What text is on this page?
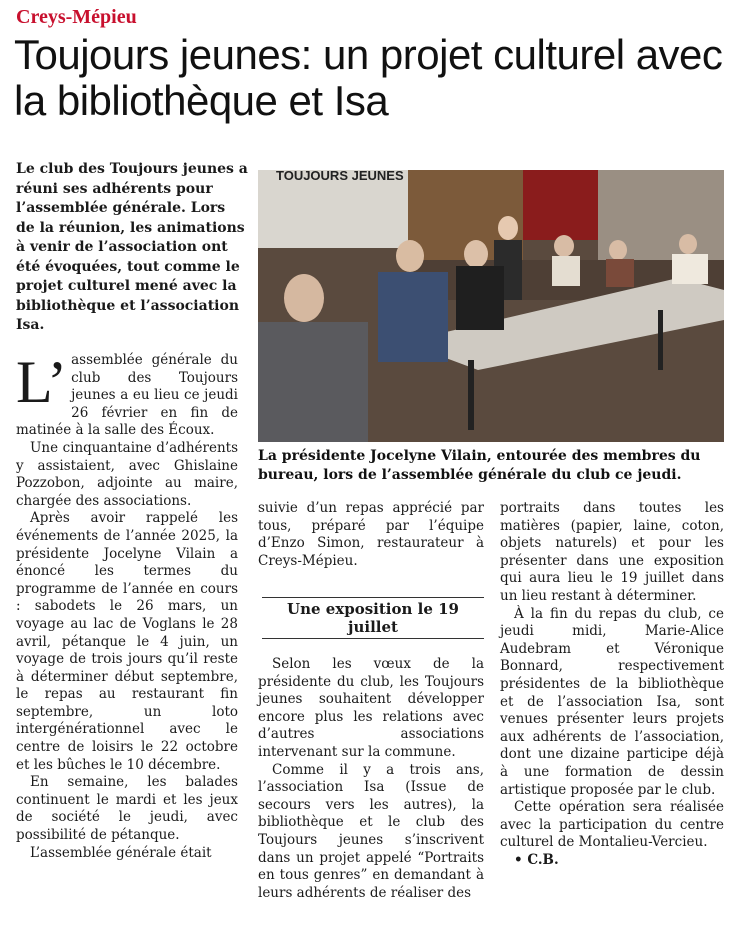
Creys-Mépieu
Toujours jeunes: un projet culturel avec la bibliothèque et Isa
Le club des Toujours jeunes a réuni ses adhérents pour l’assemblée générale. Lors de la réunion, les animations à venir de l’association ont été évoquées, tout comme le projet culturel mené avec la bibliothèque et l’association Isa.
TOUJOURS JEUNES
La présidente Jocelyne Vilain, entourée des membres du bureau, lors de l’assemblée générale du club ce jeudi.

L’ assemblée générale du club des Toujours jeunes a eu lieu ce jeudi 26 février en fin de matinée à la salle des Écoux.

Une cinquantaine d’adhérents y assistaient, avec Ghislaine Pozzobon, adjointe au maire, chargée des associations.

Après avoir rappelé les événements de l’année 2025, la présidente Jocelyne Vilain a énoncé les termes du programme de l’année en cours : sabodets le 26 mars, un voyage au lac de Voglans le 28 avril, pétanque le 4 juin, un voyage de trois jours qu’il reste à déterminer début septembre, le repas au restaurant fin septembre, un loto intergénérationnel avec le centre de loisirs le 22 octobre et les bûches le 10 décembre.

En semaine, les balades continuent le mardi et les jeux de société le jeudi, avec possibilité de pétanque.

L’assemblée générale était

suivie d’un repas apprécié par tous, préparé par l’équipe d’Enzo Simon, restaurateur à Creys-Mépieu.

Une exposition le 19 juillet

Selon les vœux de la présidente du club, les Toujours jeunes souhaitent développer encore plus les relations avec d’autres associations intervenant sur la commune.

Comme il y a trois ans, l’association Isa (Issue de secours vers les autres), la bibliothèque et le club des Toujours jeunes s’inscrivent dans un projet appelé “Portraits en tous genres” en demandant à leurs adhérents de réaliser des

portraits dans toutes les matières (papier, laine, coton, objets naturels) et pour les présenter dans une exposition qui aura lieu le 19 juillet dans un lieu restant à déterminer.

À la fin du repas du club, ce jeudi midi, Marie-Alice Audebram et Véronique Bonnard, respectivement présidentes de la bibliothèque et de l’association Isa, sont venues présenter leurs projets aux adhérents de l’association, dont une dizaine participe déjà à une formation de dessin artistique proposée par le club.

Cette opération sera réalisée avec la participation du centre culturel de Montalieu-Vercieu.

• C.B.
